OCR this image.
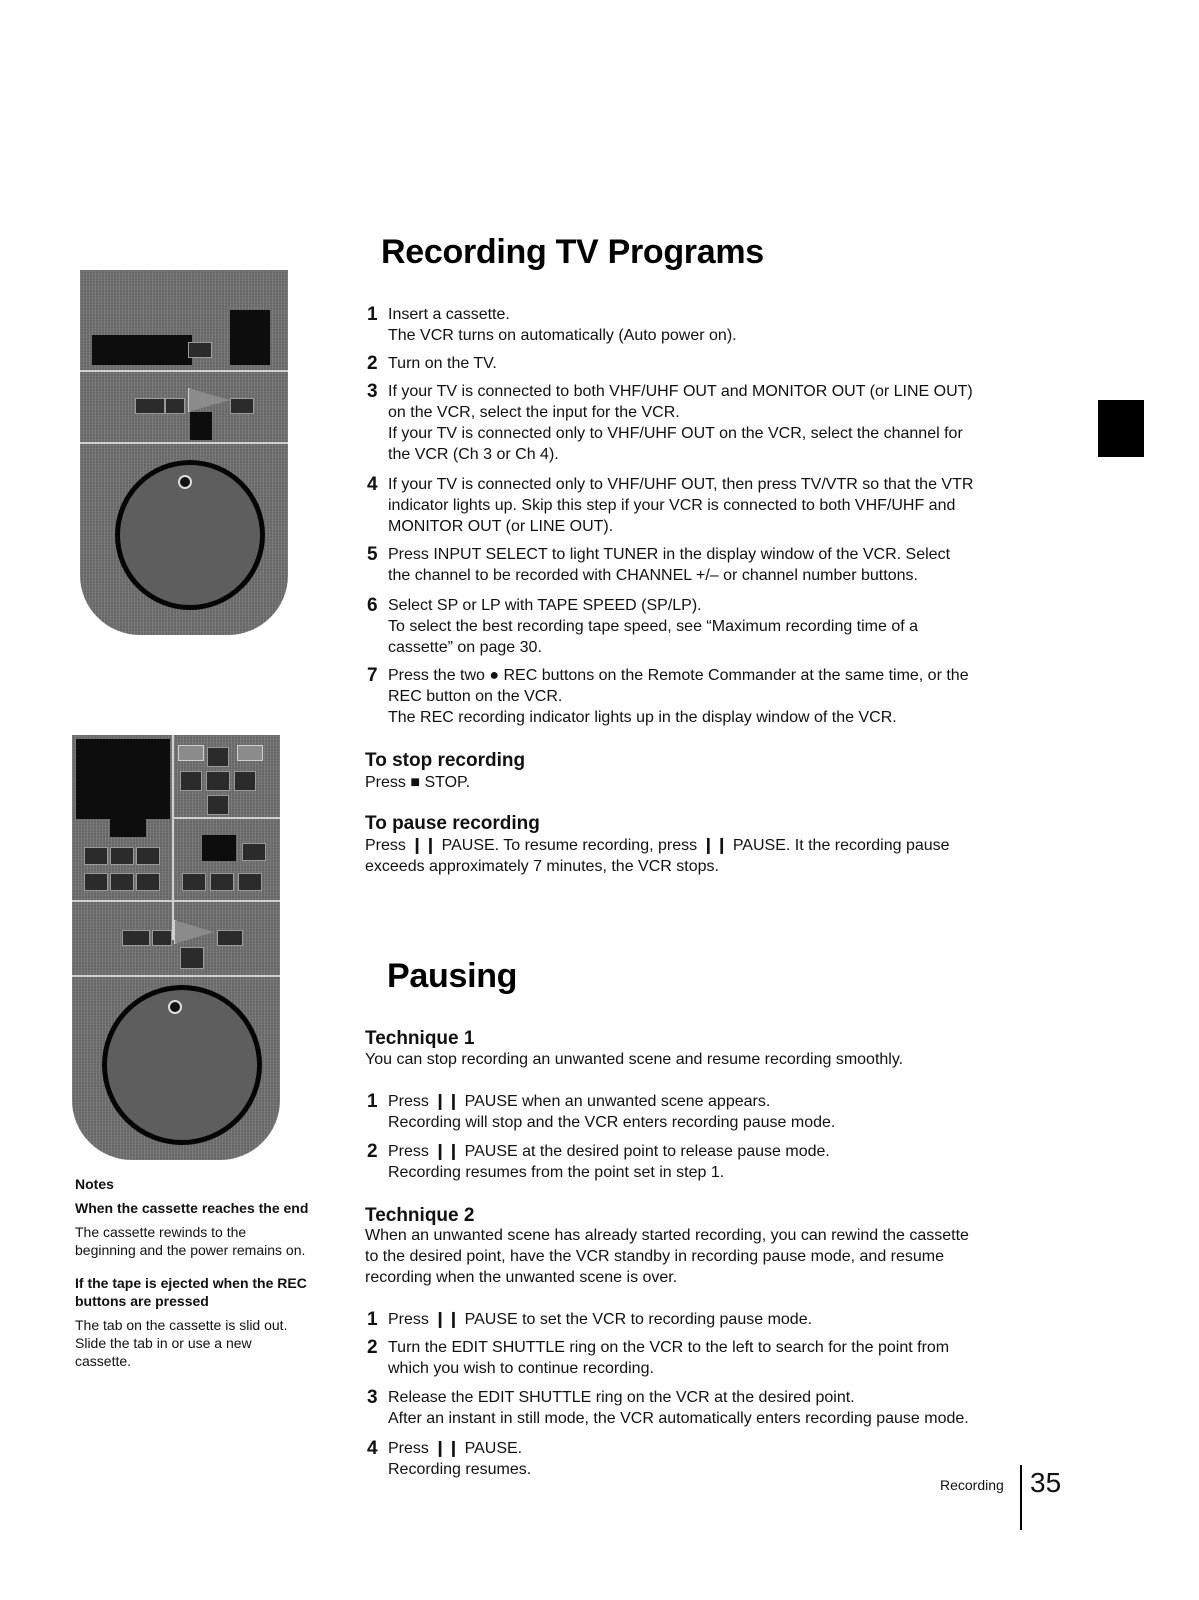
Notes
When the cassette reaches the end
The cassette rewinds to the beginning and the power remains on.
If the tape is ejected when the REC buttons are pressed
The tab on the cassette is slid out. Slide the tab in or use a new cassette.
Recording TV Programs
1 Insert a cassette.
The VCR turns on automatically (Auto power on).
2 Turn on the TV.
3 If your TV is connected to both VHF/UHF OUT and MONITOR OUT (or LINE OUT)
on the VCR, select the input for the VCR.
If your TV is connected only to VHF/UHF OUT on the VCR, select the channel for
the VCR (Ch 3 or Ch 4).
4 If your TV is connected only to VHF/UHF OUT, then press TV/VTR so that the VTR
indicator lights up. Skip this step if your VCR is connected to both VHF/UHF and
MONITOR OUT (or LINE OUT).
5 Press INPUT SELECT to light TUNER in the display window of the VCR. Select
the channel to be recorded with CHANNEL +/– or channel number buttons.
6 Select SP or LP with TAPE SPEED (SP/LP).
To select the best recording tape speed, see “Maximum recording time of a
cassette” on page 30.
7 Press the two ● REC buttons on the Remote Commander at the same time, or the
REC button on the VCR.
The REC recording indicator lights up in the display window of the VCR.
To stop recording
Press ■ STOP.
To pause recording
Press ❙❙ PAUSE. To resume recording, press ❙❙ PAUSE. It the recording pause
exceeds approximately 7 minutes, the VCR stops.
Pausing
Technique 1
You can stop recording an unwanted scene and resume recording smoothly.
1 Press ❙❙ PAUSE when an unwanted scene appears.
Recording will stop and the VCR enters recording pause mode.
2 Press ❙❙ PAUSE at the desired point to release pause mode.
Recording resumes from the point set in step 1.
Technique 2
When an unwanted scene has already started recording, you can rewind the cassette
to the desired point, have the VCR standby in recording pause mode, and resume
recording when the unwanted scene is over.
1 Press ❙❙ PAUSE to set the VCR to recording pause mode.
2 Turn the EDIT SHUTTLE ring on the VCR to the left to search for the point from
which you wish to continue recording.
3 Release the EDIT SHUTTLE ring on the VCR at the desired point.
After an instant in still mode, the VCR automatically enters recording pause mode.
4 Press ❙❙ PAUSE.
Recording resumes.
Recording 35
